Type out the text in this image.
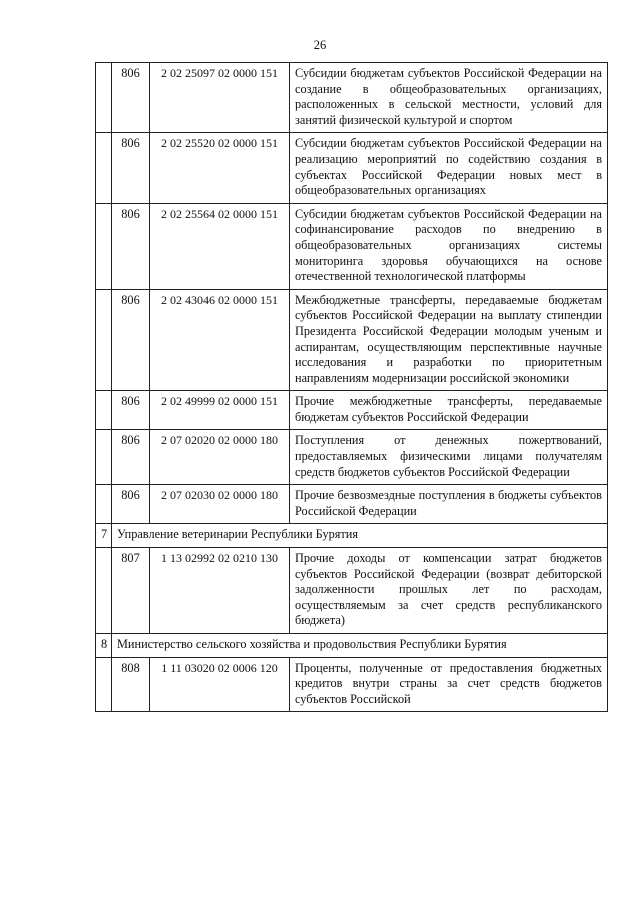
26
	806	2 02 25097 02 0000 151	Субсидии бюджетам субъектов Российской Федерации на создание в общеобразовательных организациях, расположенных в сельской местности, условий для занятий физической культурой и спортом
	806	2 02 25520 02 0000 151	Субсидии бюджетам субъектов Российской Федерации на реализацию мероприятий по содействию создания в субъектах Российской Федерации новых мест в общеобразовательных организациях
	806	2 02 25564 02 0000 151	Субсидии бюджетам субъектов Российской Федерации на софинансирование расходов по внедрению в общеобразовательных организациях системы мониторинга здоровья обучающихся на основе отечественной технологической платформы
	806	2 02 43046 02 0000 151	Межбюджетные трансферты, передаваемые бюджетам субъектов Российской Федерации на выплату стипендии Президента Российской Федерации молодым ученым и аспирантам, осуществляющим перспективные научные исследования и разработки по приоритетным направлениям модернизации российской экономики
	806	2 02 49999 02 0000 151	Прочие межбюджетные трансферты, передаваемые бюджетам субъектов Российской Федерации
	806	2 07 02020 02 0000 180	Поступления от денежных пожертвований, предоставляемых физическими лицами получателям средств бюджетов субъектов Российской Федерации
	806	2 07 02030 02 0000 180	Прочие безвозмездные поступления в бюджеты субъектов Российской Федерации
7	Управление ветеринарии Республики Бурятия		
	807	1 13 02992 02 0210 130	Прочие доходы от компенсации затрат бюджетов субъектов Российской Федерации (возврат дебиторской задолженности прошлых лет по расходам, осуществляемым за счет средств республиканского бюджета)
8	Министерство сельского хозяйства и продовольствия Республики Бурятия		
	808	1 11 03020 02 0006 120	Проценты, полученные от предоставления бюджетных кредитов внутри страны за счет средств бюджетов субъектов Российской
